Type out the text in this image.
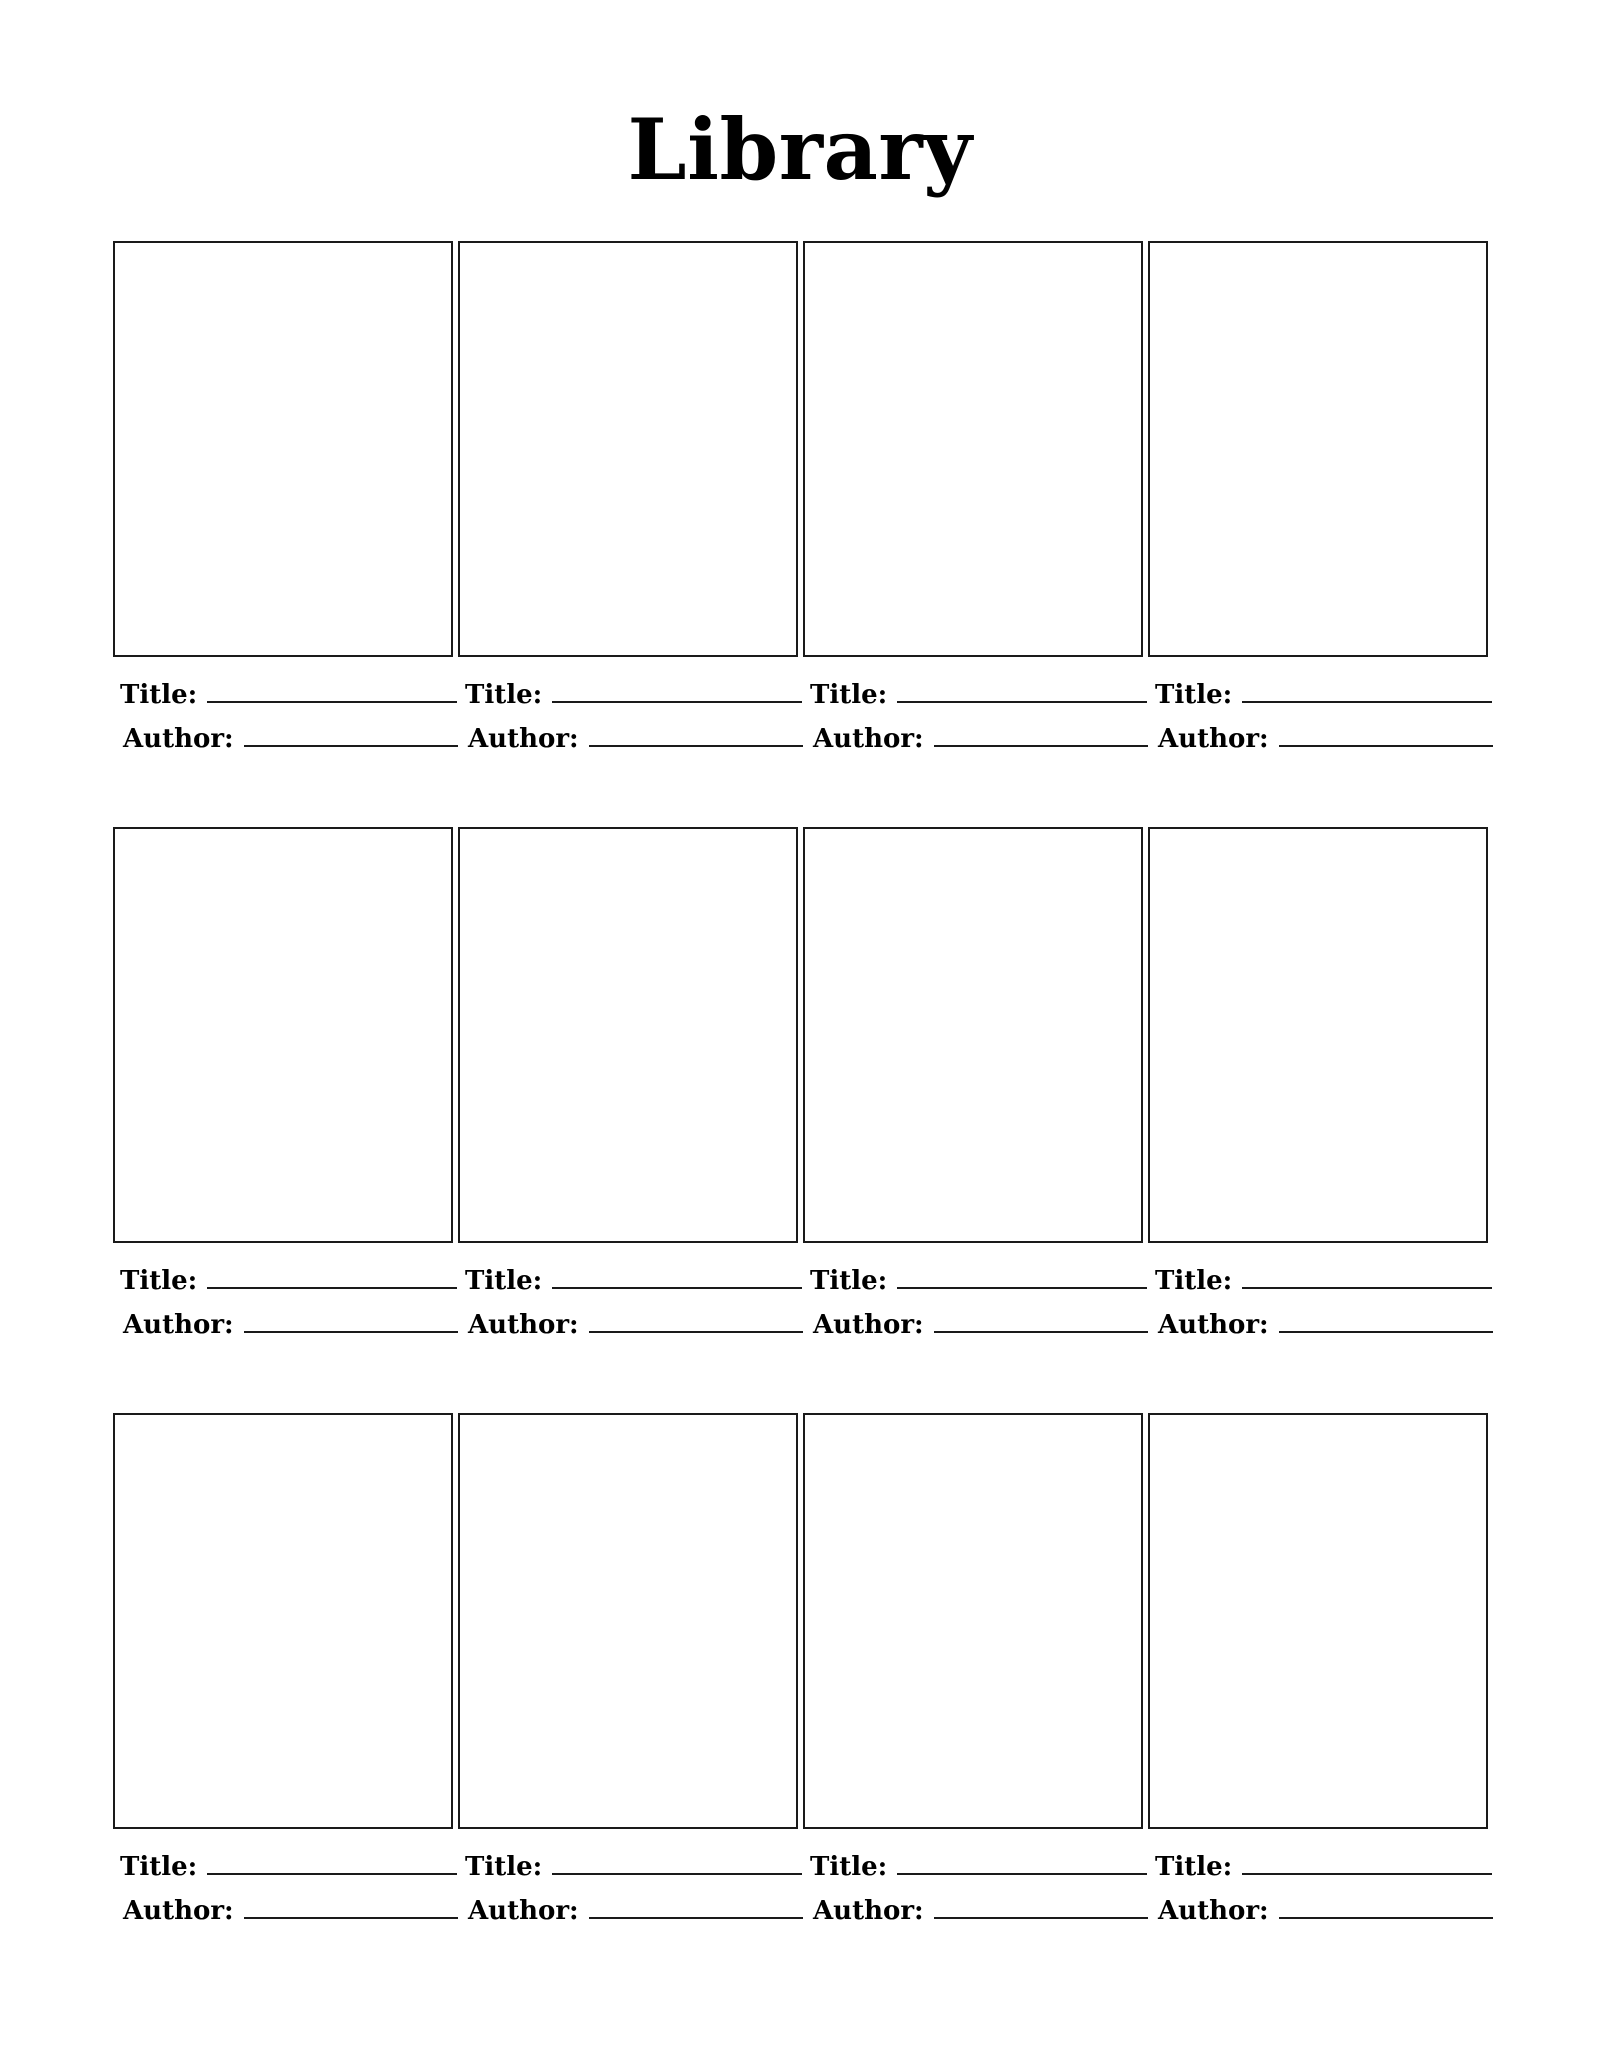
Library
Title:
Author:
Title:
Author:
Title:
Author:
Title:
Author:
Title:
Author:
Title:
Author:
Title:
Author:
Title:
Author:
Title:
Author:
Title:
Author:
Title:
Author:
Title:
Author:
